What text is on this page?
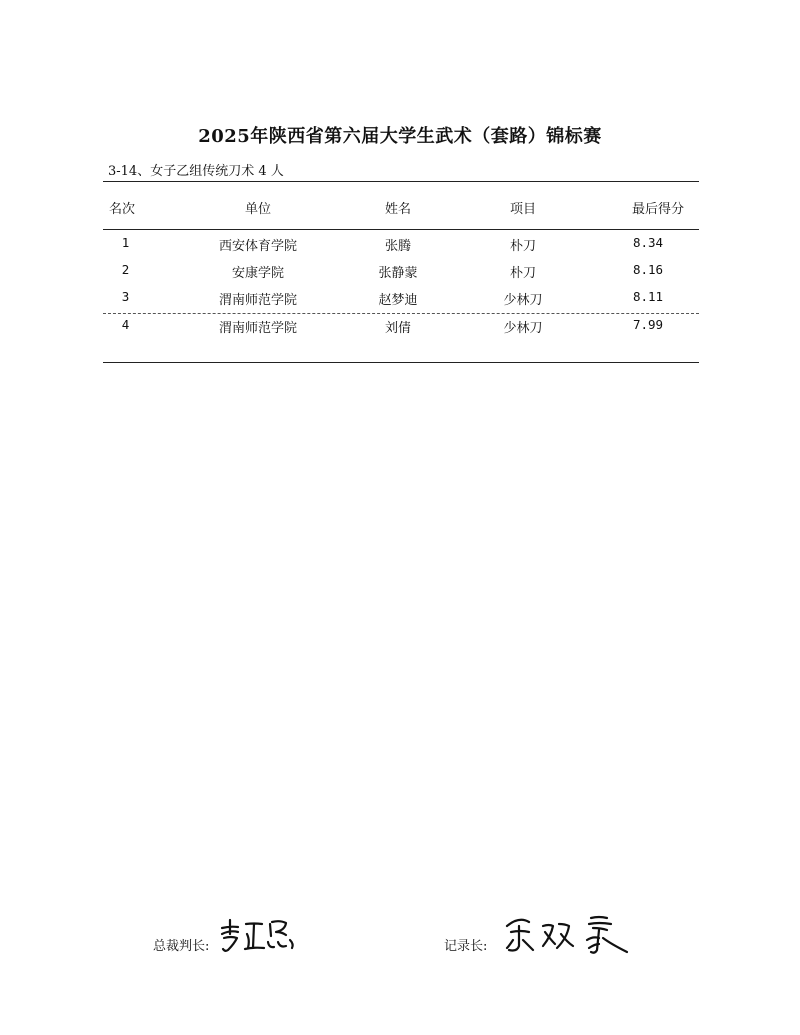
2025年陕西省第六届大学生武术（套路）锦标赛
3-14、女子乙组传统刀术 4 人
名次	单位	姓名	项目	最后得分
1	西安体育学院	张腾	朴刀	8.34
2	安康学院	张静蒙	朴刀	8.16
3	渭南师范学院	赵梦迪	少林刀	8.11
4	渭南师范学院	刘倩	少林刀	7.99
总裁判长:	记录长:
